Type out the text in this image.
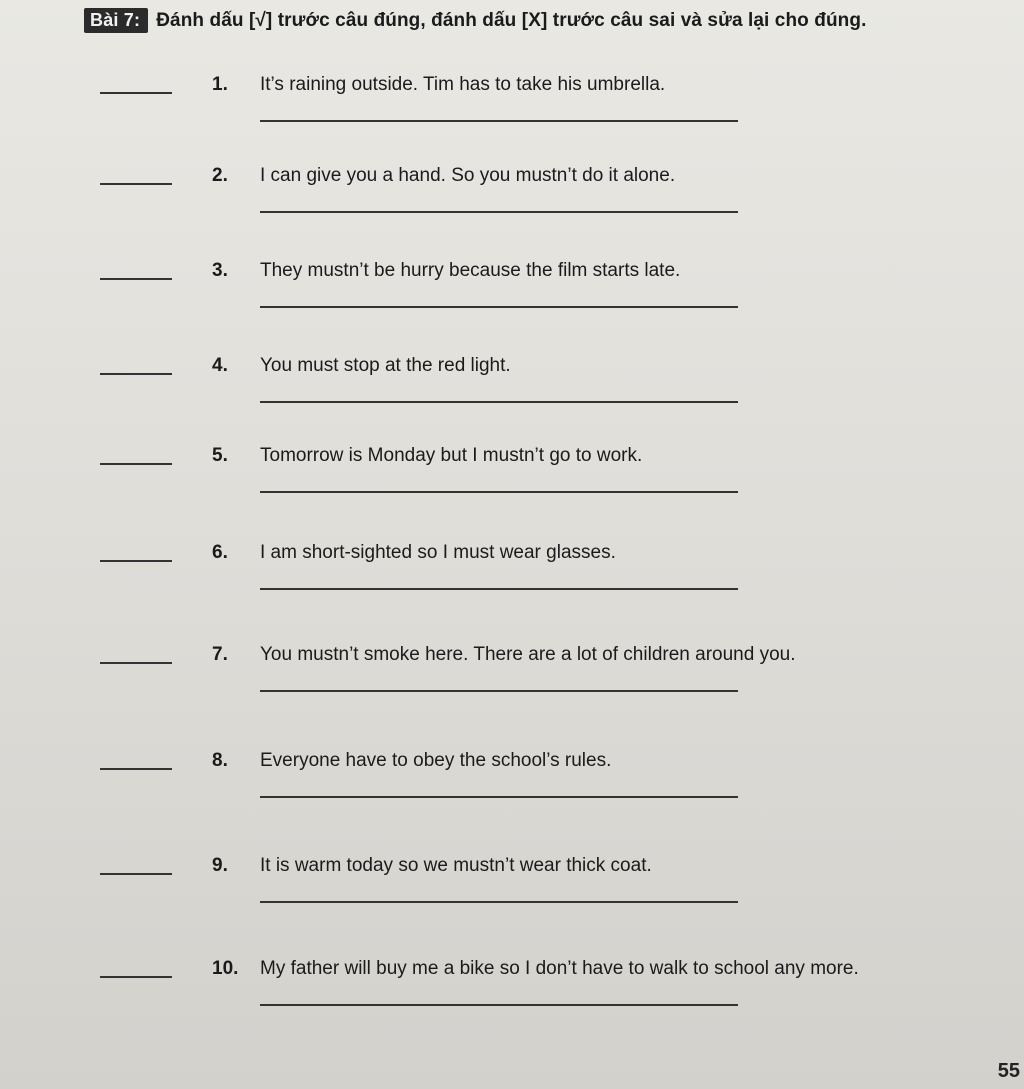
Bài 7: Đánh dấu [√] trước câu đúng, đánh dấu [X] trước câu sai và sửa lại cho đúng.
1. It’s raining outside. Tim has to take his umbrella.
2. I can give you a hand. So you mustn’t do it alone.
3. They mustn’t be hurry because the film starts late.
4. You must stop at the red light.
5. Tomorrow is Monday but I mustn’t go to work.
6. I am short-sighted so I must wear glasses.
7. You mustn’t smoke here. There are a lot of children around you.
8. Everyone have to obey the school’s rules.
9. It is warm today so we mustn’t wear thick coat.
10. My father will buy me a bike so I don’t have to walk to school any more.
55
